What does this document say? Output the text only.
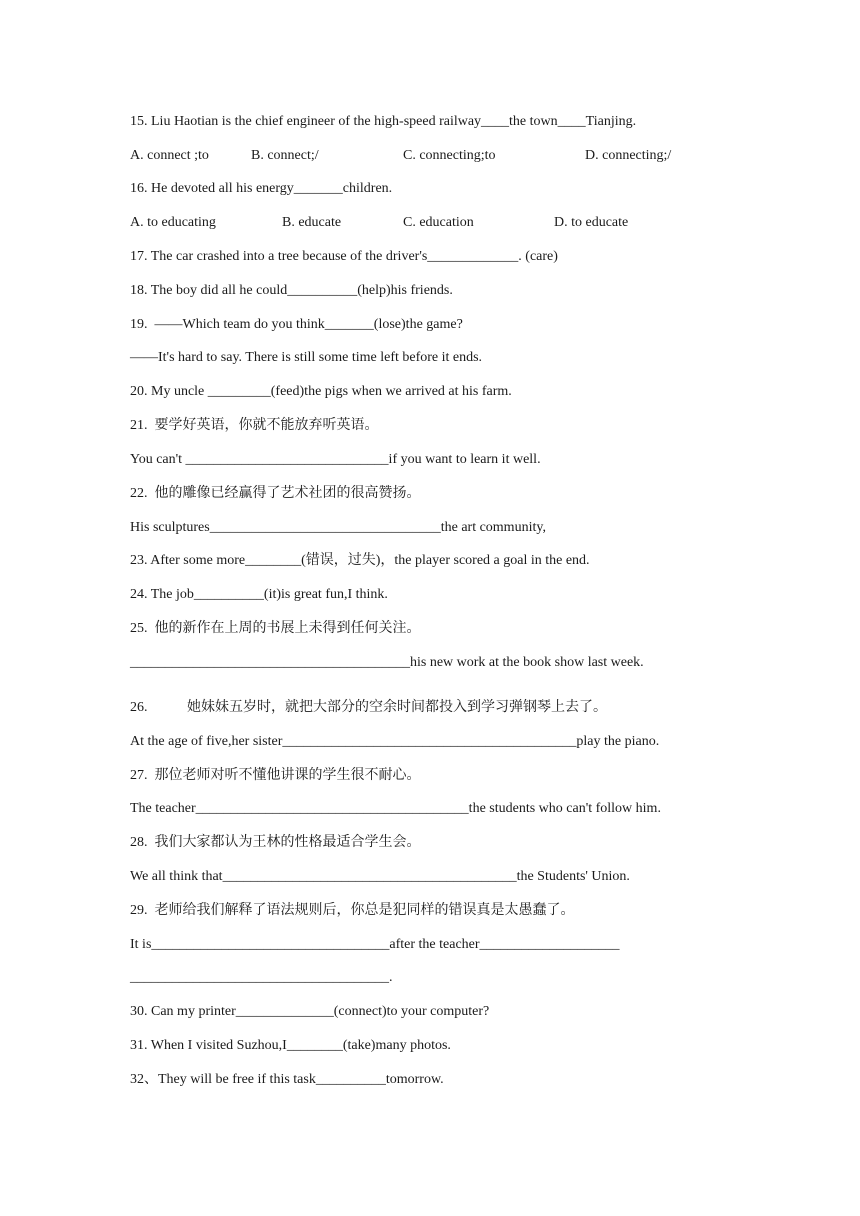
15. Liu Haotian is the chief engineer of the high-speed railway____the town____Tianjing.
A. connect ;to	B. connect;/	C. connecting;to	D. connecting;/
16. He devoted all his energy_______children.
A. to educating	B. educate	C. education	D. to educate
17. The car crashed into a tree because of the driver's_____________. (care)
18. The boy did all he could__________(help)his friends.
19.  ——Which team do you think_______(lose)the game?
——It's hard to say. There is still some time left before it ends.
20. My uncle _________(feed)the pigs when we arrived at his farm.
21.  要学好英语，你就不能放弃听英语。
You can't _____________________________if you want to learn it well.
22.  他的雕像已经赢得了艺术社团的很高赞扬。
His sculptures_________________________________the art community,
23. After some more________(错误，过失)，the player scored a goal in the end.
24. The job__________(it)is great fun,I think.
25.  他的新作在上周的书展上未得到任何关注。
________________________________________his new work at the book show last week.
26.	她妹妹五岁时，就把大部分的空余时间都投入到学习弹钢琴上去了。
At the age of five,her sister__________________________________________play the piano.
27.  那位老师对听不懂他讲课的学生很不耐心。
The teacher_______________________________________the students who can't follow him.
28.  我们大家都认为王林的性格最适合学生会。
We all think that__________________________________________the Students' Union.
29.  老师给我们解释了语法规则后，你总是犯同样的错误真是太愚蠢了。
It is__________________________________after the teacher____________________
_____________________________________.
30. Can my printer______________(connect)to your computer?
31. When I visited Suzhou,I________(take)many photos.
32、They will be free if this task__________tomorrow.
